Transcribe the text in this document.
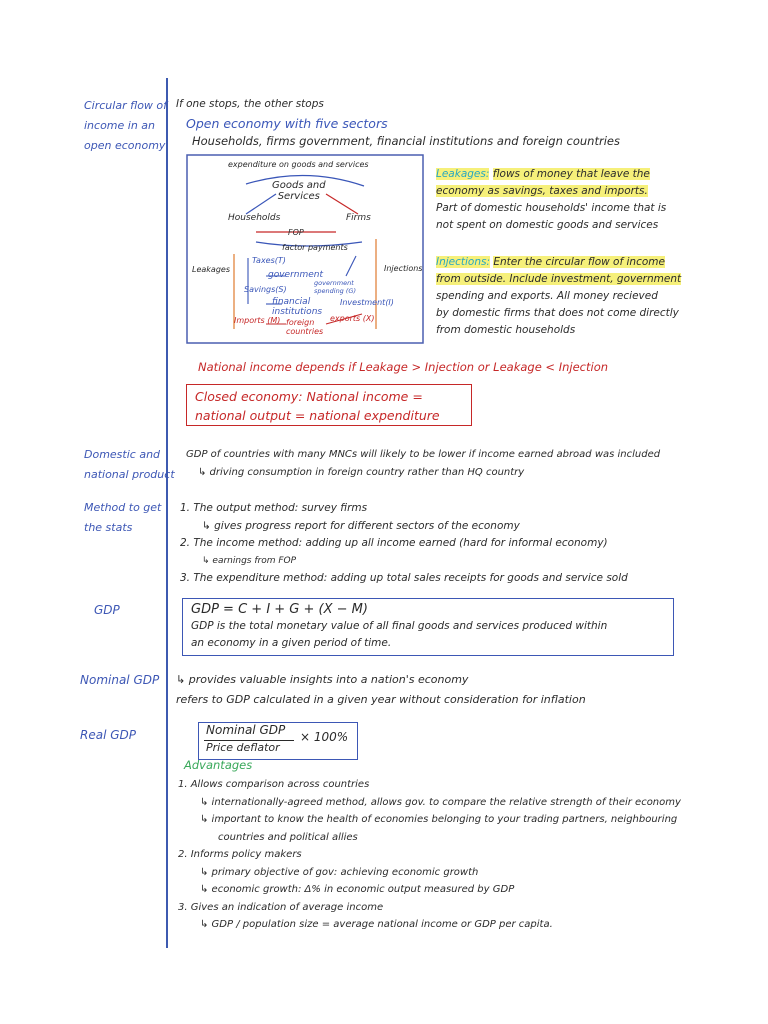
Circular flow of
income in an
open economy
Domestic and
national product
Method to get
the stats
GDP
Nominal GDP
Real GDP
If one stops, the other stops
Open economy with five sectors
Households, firms government, financial institutions and foreign countries
expenditure on goods and services
Goods and
Services
Households	Firms
FOP
factor payments
Leakages	Injections
Taxes(T)
government
government
spending (G)
Savings(S)
financial
institutions
Investment(I)
Imports (M) foreign
countries
exports (X)
Leakages: flows of money that leave the
economy as savings, taxes and imports.
Part of domestic households' income that is
not spent on domestic goods and services
Injections: Enter the circular flow of income
from outside. Include investment, government
spending and exports. All money recieved
by domestic firms that does not come directly
from domestic households
National income depends if Leakage > Injection or Leakage < Injection
Closed economy: National income =
national output = national expenditure
GDP of countries with many MNCs will likely to be lower if income earned abroad was included
↳ driving consumption in foreign country rather than HQ country
1. The output method: survey firms
↳ gives progress report for different sectors of the economy
2. The income method: adding up all income earned (hard for informal economy)
↳ earnings from FOP
3. The expenditure method: adding up total sales receipts for goods and service sold
GDP = C + I + G + (X − M)
GDP is the total monetary value of all final goods and services produced within
an economy in a given period of time.
↳ provides valuable insights into a nation's economy
refers to GDP calculated in a given year without consideration for inflation
Nominal GDP
Price deflator
× 100%
Advantages
1. Allows comparison across countries
↳ internationally-agreed method, allows gov. to compare the relative strength of their economy
↳ important to know the health of economies belonging to your trading partners, neighbouring
countries and political allies
2. Informs policy makers
↳ primary objective of gov: achieving economic growth
↳ economic growth: Δ% in economic output measured by GDP
3. Gives an indication of average income
↳ GDP / population size = average national income or GDP per capita.
